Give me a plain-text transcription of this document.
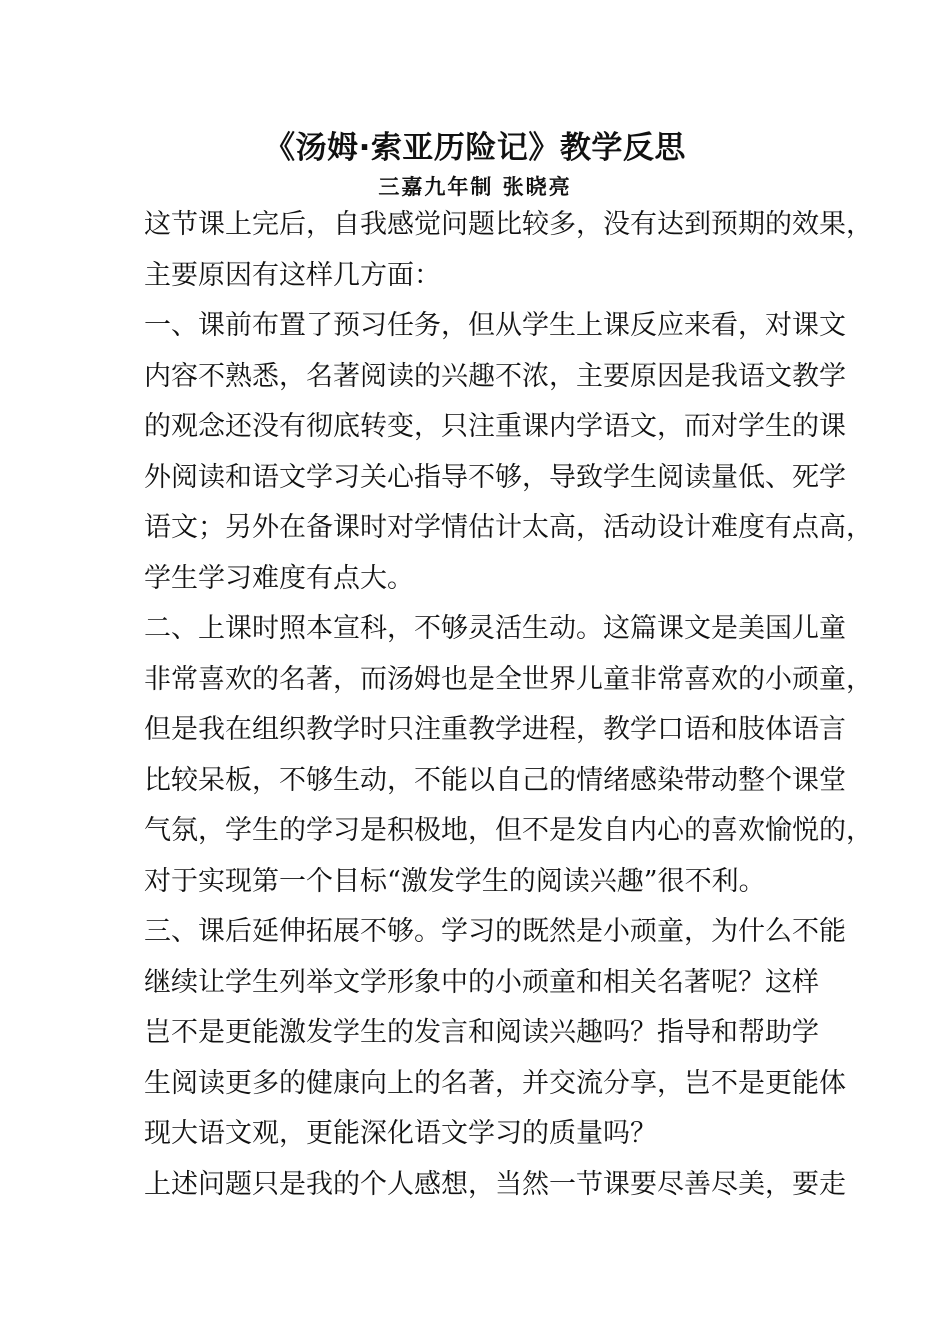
《汤姆·索亚历险记》教学反思
三嘉九年制 张晓亮

这节课上完后，自我感觉问题比较多，没有达到预期的效果，

主要原因有这样几方面：

一、课前布置了预习任务，但从学生上课反应来看，对课文

内容不熟悉，名著阅读的兴趣不浓，主要原因是我语文教学

的观念还没有彻底转变，只注重课内学语文，而对学生的课

外阅读和语文学习关心指导不够，导致学生阅读量低、死学

语文；另外在备课时对学情估计太高，活动设计难度有点高，

学生学习难度有点大。

二、上课时照本宣科，不够灵活生动。这篇课文是美国儿童

非常喜欢的名著，而汤姆也是全世界儿童非常喜欢的小顽童，

但是我在组织教学时只注重教学进程，教学口语和肢体语言

比较呆板，不够生动，不能以自己的情绪感染带动整个课堂

气氛，学生的学习是积极地，但不是发自内心的喜欢愉悦的，

对于实现第一个目标“激发学生的阅读兴趣”很不利。

三、课后延伸拓展不够。学习的既然是小顽童，为什么不能

继续让学生列举文学形象中的小顽童和相关名著呢？这样

岂不是更能激发学生的发言和阅读兴趣吗？指导和帮助学

生阅读更多的健康向上的名著，并交流分享，岂不是更能体

现大语文观，更能深化语文学习的质量吗？

上述问题只是我的个人感想，当然一节课要尽善尽美，要走
